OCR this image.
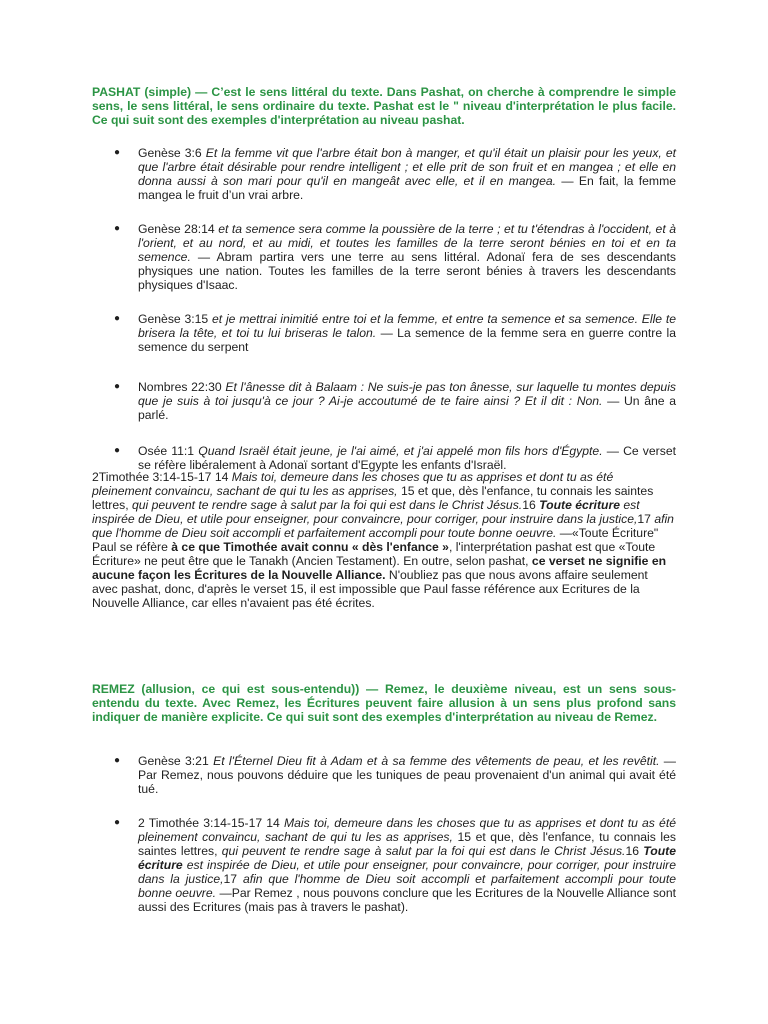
PASHAT (simple) — C’est le sens littéral du texte. Dans Pashat, on cherche à comprendre le simple sens, le sens littéral, le sens ordinaire du texte. Pashat est le " niveau d'interprétation le plus facile. Ce qui suit sont des exemples d'interprétation au niveau pashat.

● Genèse 3:6 Et la femme vit que l'arbre était bon à manger, et qu'il était un plaisir pour les yeux, et que l'arbre était désirable pour rendre intelligent ; et elle prit de son fruit et en mangea ; et elle en donna aussi à son mari pour qu'il en mangeât avec elle, et il en mangea. — En fait, la femme mangea le fruit d’un vrai arbre.
● Genèse 28:14 et ta semence sera comme la poussière de la terre ; et tu t'étendras à l'occident, et à l'orient, et au nord, et au midi, et toutes les familles de la terre seront bénies en toi et en ta semence. — Abram partira vers une terre au sens littéral. Adonaï fera de ses descendants physiques une nation. Toutes les familles de la terre seront bénies à travers les descendants physiques d'Isaac.
● Genèse 3:15 et je mettrai inimitié entre toi et la femme, et entre ta semence et sa semence. Elle te brisera la tête, et toi tu lui briseras le talon. — La semence de la femme sera en guerre contre la semence du serpent
● Nombres 22:30 Et l'ânesse dit à Balaam : Ne suis-je pas ton ânesse, sur laquelle tu montes depuis que je suis à toi jusqu'à ce jour ? Ai-je accoutumé de te faire ainsi ? Et il dit : Non. — Un âne a parlé.
● Osée 11:1 Quand Israël était jeune, je l'ai aimé, et j'ai appelé mon fils hors d'Égypte. — Ce verset se réfère libéralement à Adonaï sortant d'Egypte les enfants d'Israël.

2Timothée 3:14-15-17 14 Mais toi, demeure dans les choses que tu as apprises et dont tu as été pleinement convaincu, sachant de qui tu les as apprises, 15 et que, dès l'enfance, tu connais les saintes lettres, qui peuvent te rendre sage à salut par la foi qui est dans le Christ Jésus.16 Toute écriture est inspirée de Dieu, et utile pour enseigner, pour convaincre, pour corriger, pour instruire dans la justice,17 afin que l'homme de Dieu soit accompli et parfaitement accompli pour toute bonne oeuvre. —«Toute Écriture" Paul se réfère à ce que Timothée avait connu « dès l'enfance », l'interprétation pashat est que «Toute Écriture» ne peut être que le Tanakh (Ancien Testament). En outre, selon pashat, ce verset ne signifie en aucune façon les Écritures de la Nouvelle Alliance. N'oubliez pas que nous avons affaire seulement avec pashat, donc, d'après le verset 15, il est impossible que Paul fasse référence aux Ecritures de la Nouvelle Alliance, car elles n'avaient pas été écrites.

REMEZ (allusion, ce qui est sous-entendu)) — Remez, le deuxième niveau, est un sens sous-entendu du texte. Avec Remez, les Écritures peuvent faire allusion à un sens plus profond sans indiquer de manière explicite. Ce qui suit sont des exemples d'interprétation au niveau de Remez.

● Genèse 3:21 Et l'Éternel Dieu fit à Adam et à sa femme des vêtements de peau, et les revêtit. —Par Remez, nous pouvons déduire que les tuniques de peau provenaient d'un animal qui avait été tué.
● 2 Timothée 3:14-15-17 14 Mais toi, demeure dans les choses que tu as apprises et dont tu as été pleinement convaincu, sachant de qui tu les as apprises, 15 et que, dès l'enfance, tu connais les saintes lettres, qui peuvent te rendre sage à salut par la foi qui est dans le Christ Jésus.16 Toute écriture est inspirée de Dieu, et utile pour enseigner, pour convaincre, pour corriger, pour instruire dans la justice,17 afin que l'homme de Dieu soit accompli et parfaitement accompli pour toute bonne oeuvre. —Par Remez , nous pouvons conclure que les Ecritures de la Nouvelle Alliance sont aussi des Ecritures (mais pas à travers le pashat).
